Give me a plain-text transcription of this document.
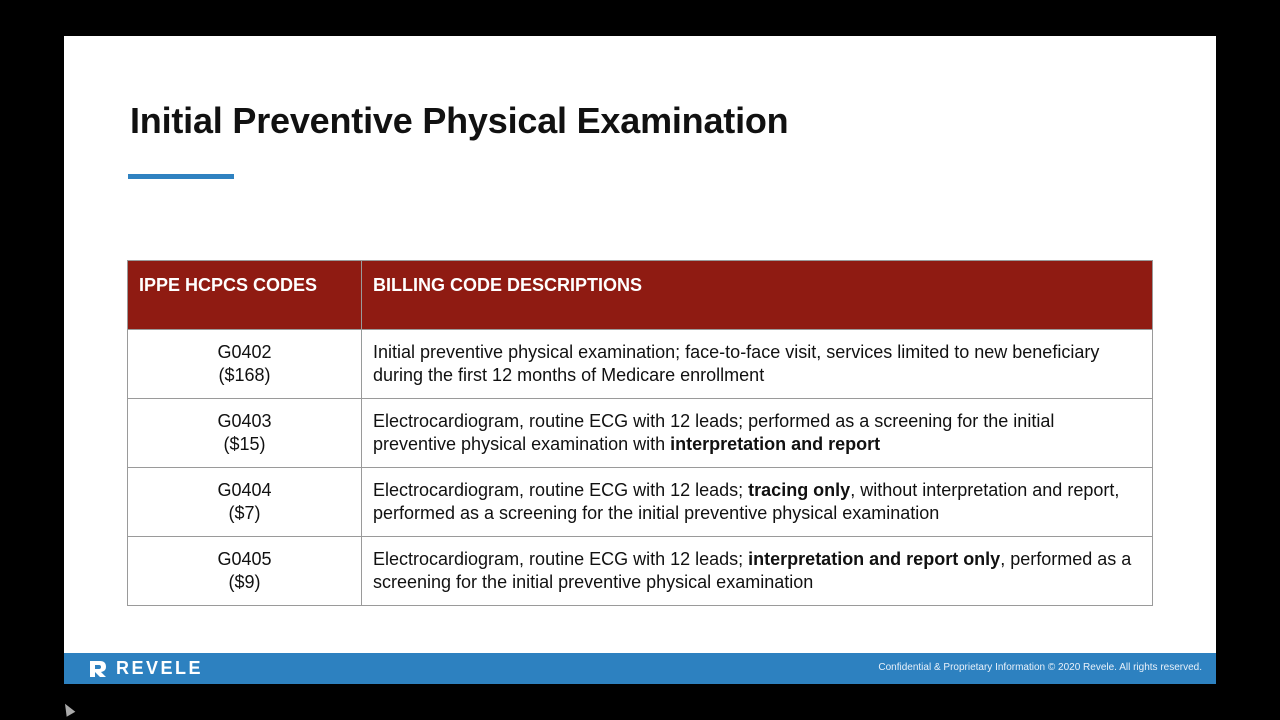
Initial Preventive Physical Examination
IPPE HCPCS CODES	BILLING CODE DESCRIPTIONS
G0402
($168)	Initial preventive physical examination; face-to-face visit, services limited to new beneficiary during the first 12 months of Medicare enrollment
G0403
($15)	Electrocardiogram, routine ECG with 12 leads; performed as a screening for the initial preventive physical examination with interpretation and report
G0404
($7)	Electrocardiogram, routine ECG with 12 leads; tracing only, without interpretation and report, performed as a screening for the initial preventive physical examination
G0405
($9)	Electrocardiogram, routine ECG with 12 leads; interpretation and report only, performed as a screening for the initial preventive physical examination
REVELE	Confidential & Proprietary Information © 2020 Revele. All rights reserved.
